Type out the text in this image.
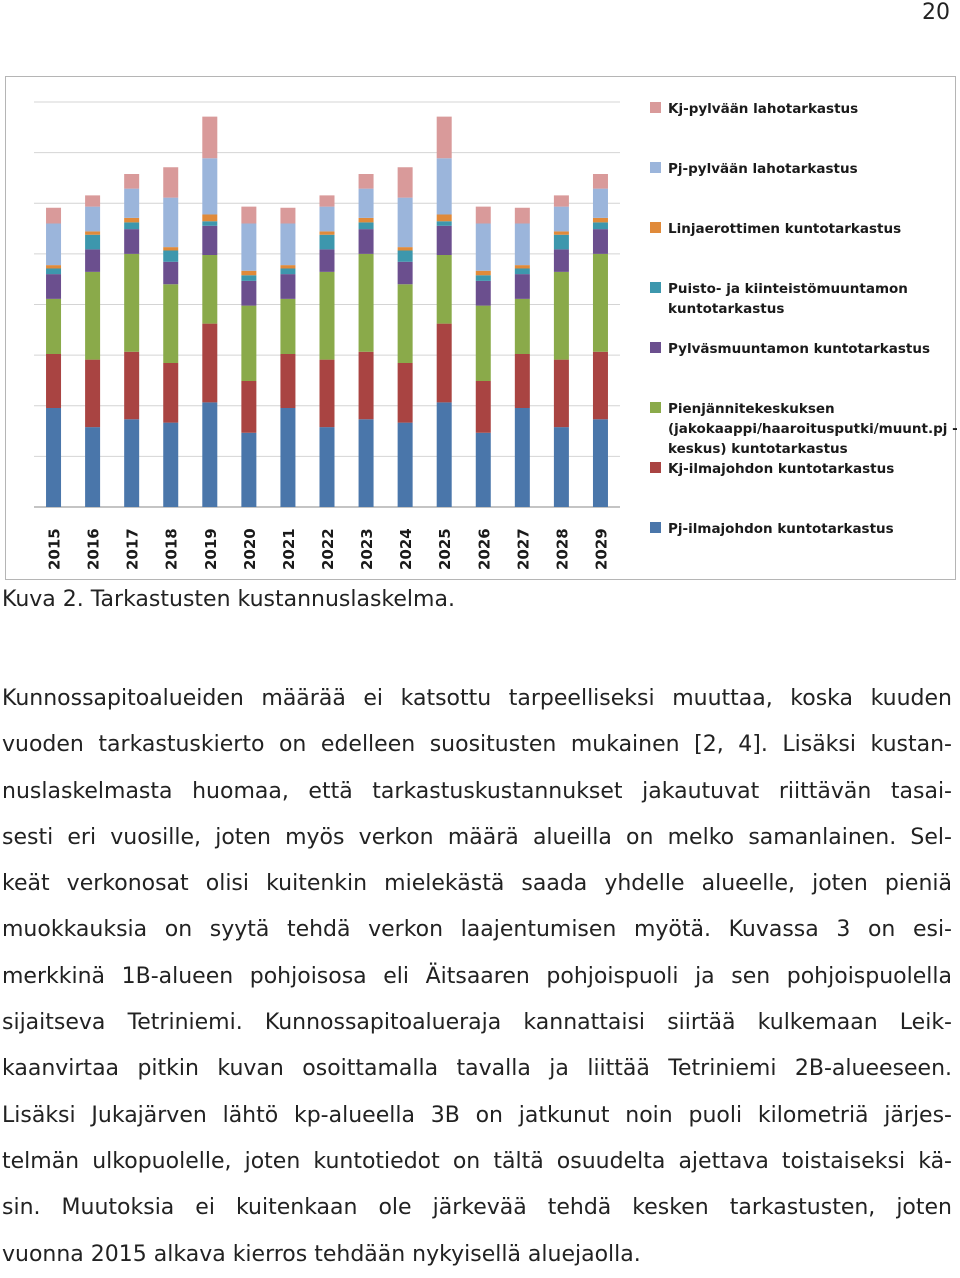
20
2015 2016 2017 2018 2019 2020 2021 2022 2023 2024 2025 2026 2027 2028 2029
Kj-pylvään lahotarkastus
Pj-pylvään lahotarkastus
Linjaerottimen kuntotarkastus
Puisto- ja kiinteistömuuntamon kuntotarkastus
Pylväsmuuntamon kuntotarkastus
Pienjännitekeskuksen (jakokaappi/haaroitusputki/muunt.pj -keskus) kuntotarkastus
Kj-ilmajohdon kuntotarkastus
Pj-ilmajohdon kuntotarkastus
Kuva 2. Tarkastusten kustannuslaskelma.
Kunnossapitoalueiden määrää ei katsottu tarpeelliseksi muuttaa, koska kuuden
vuoden tarkastuskierto on edelleen suositusten mukainen [2, 4]. Lisäksi kustan-
nuslaskelmasta huomaa, että tarkastuskustannukset jakautuvat riittävän tasai-
sesti eri vuosille, joten myös verkon määrä alueilla on melko samanlainen. Sel-
keät verkonosat olisi kuitenkin mielekästä saada yhdelle alueelle, joten pieniä
muokkauksia on syytä tehdä verkon laajentumisen myötä. Kuvassa 3 on esi-
merkkinä 1B-alueen pohjoisosa eli Äitsaaren pohjoispuoli ja sen pohjoispuolella
sijaitseva Tetriniemi. Kunnossapitoalueraja kannattaisi siirtää kulkemaan Leik-
kaanvirtaa pitkin kuvan osoittamalla tavalla ja liittää Tetriniemi 2B-alueeseen.
Lisäksi Jukajärven lähtö kp-alueella 3B on jatkunut noin puoli kilometriä järjes-
telmän ulkopuolelle, joten kuntotiedot on tältä osuudelta ajettava toistaiseksi kä-
sin. Muutoksia ei kuitenkaan ole järkevää tehdä kesken tarkastusten, joten
vuonna 2015 alkava kierros tehdään nykyisellä aluejaolla.
